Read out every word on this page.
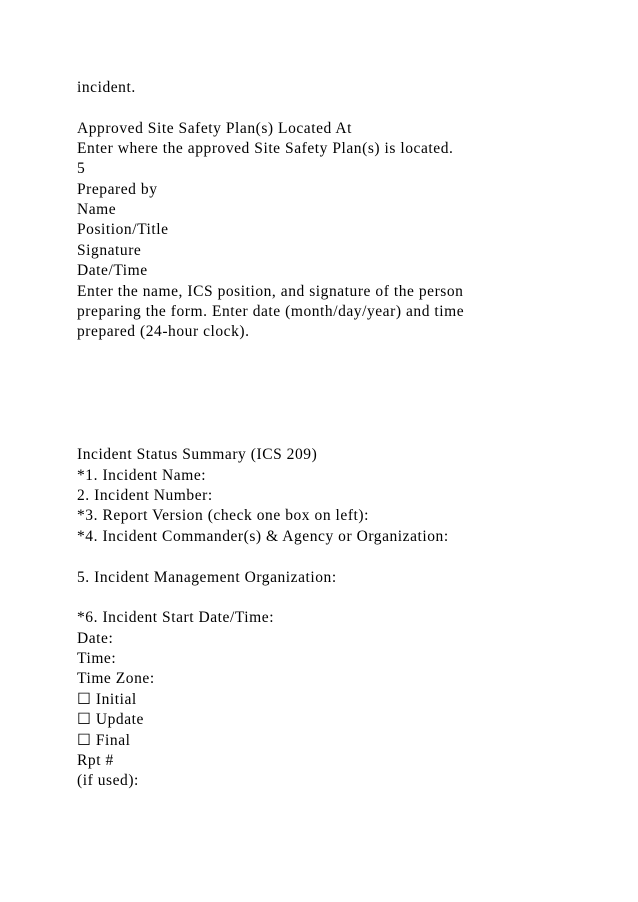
incident.
Approved Site Safety Plan(s) Located At
Enter where the approved Site Safety Plan(s) is located.
5
Prepared by
Name
Position/Title
Signature
Date/Time
Enter the name, ICS position, and signature of the person
preparing the form. Enter date (month/day/year) and time
prepared (24-hour clock).
Incident Status Summary (ICS 209)
*1. Incident Name:
2. Incident Number:
*3. Report Version (check one box on left):
*4. Incident Commander(s) & Agency or Organization:
5. Incident Management Organization:
*6. Incident Start Date/Time:
Date:
Time:
Time Zone:
☐ Initial
☐ Update
☐ Final
Rpt #
(if used):
